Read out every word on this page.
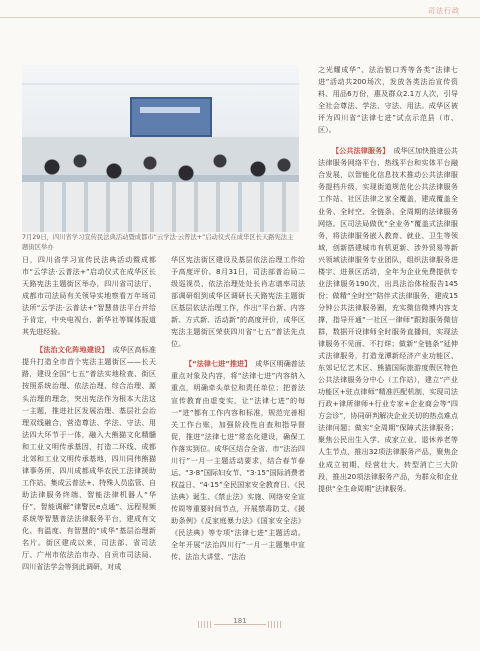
司法行政
7月29日，四川省学习宣传民法典活动暨成都市“云学法·云普法+”启动仪式在成华区长天路宪法主题街区举办

日，四川省学习宣传民法典活动暨成都市“云学法·云普法+”启动仪式在成华区长天路宪法主题街区举办，四川省司法厅、成都市司法局有关领导实地察看万年场司法所“云学法·云普法+”智慧普法平台并给予肯定，中央电视台、新华社等媒体报道其先进经验。

【法治文化阵地建设】 成华区高标准提升打造全市首个宪法主题街区——长天路，建设全国“七五”普法实地检查、街区按照系统治理、依法治理、综合治理、源头治理的理念，突出宪法作为根本大法这一主题，推进社区发展治理、基层社会治理双线融合，营造尊法、学法、守法、用法四大环节于一体，融入大熊猫文化精髓和工业文明传承基因，打造二环线、成都北郊和工业文明传承基地，四川同伟熊猫律事务所、四川成都成华农民工法律援助工作站、集成云普法+、特殊人员监管、自助法律服务终端、智能法律机器人“华仔”、智能调解“律警民e点通”、远程视频系统等智慧普法法律服务平台，建成有文化、有温度、有智慧的“成华”基层治理新名片。街区建成以来，司法部、省司法厅、广州市依法治市办、自贡市司法局、四川省法学会等到此调研，对成

华区宪法街区建设及基层依法治理工作给予高度评价。8月31日，司法部普治局二级巡视员、依法治理处处长肖志谱率司法部调研组到成华区调研长天路宪法主题街区基层依法治理工作，作出“平台新、内容新、方式新、活动新”的高度评价，成华区宪法主题街区荣获四川省“七五”普法先点位。

【“法律七进”推进】 成华区明确普法重点对象及内容，将“法律七进”内容纳入重点，明确牵头单位和责任单位；把普法宣传教育由虚变实，让“法律七进”的每一“进”都有工作内容和标准，规范完善相关工作台账，加强阶段性自查和指导督促，推进“法律七进”常态化建设，确保工作落实到位。成华区结合全省、市“法治四川行”一月一主题活动要求，结合春节春运、“3·8”国际妇女节、“3·15”国际消费者权益日、“4·15”全民国家安全教育日、《民法典》诞生、《禁止法》实施、网络安全宣传周等重要时间节点，开展禁毒防艾、《援助条例》《反家庭暴力法》《国家安全法》《民法典》等专项“法律七进”主题活动。全年开展“法治四川行”一月一主题集中宣传、法治大讲堂、“法治

之光耀成华”、法治银口秀等各类“法律七进”活动共200场次，发放各类法治宣传资料、用品6万份，惠及群众2.1万人次，引导全社会尊法、学法、守法、用法。成华区被评为四川省“法律七进”试点示范县（市、区）。

【公共法律服务】 成华区加快推进公共法律服务网络平台、热线平台和实体平台融合发展，以智能化信息技术推动公共法律服务提档升级，实现街道规范化公共法律服务工作站、社区法律之家全覆盖，建成覆盖全业务、全时空、全链条、全周期的法律服务网络。区司法局做优“全业务”覆盖式法律服务，将法律服务嵌入教育、就业、卫生等领域，创新搭建城市有机更新、涉外贸易等新兴领域法律服务专业团队，组织法律服务进楼宇、进景区活动，全年为企业免费提供专业法律服务190次，出具法治体检报告145份；做精“全时空”陪伴式法律服务，建成15分钟公共法律服务圈，充实微信微博内容支撑，指导开通“一社区一律师”跟踪服务微信群，数据开设律师全时服务直播间，实现法律服务不见面、不打烊；做新“全链条”延伸式法律服务，打造龙潭新经济产业功能区、东郊记忆艺术区、熊猫国际旅游度假区特色公共法律服务分中心（工作站），建立“产业功能区+驻点律师”精准匹配机制，实现司法行政+律所律师+行业专家+企业商会等“四方会诊”，协同研判解决企业关切的热点难点法律问题；做实“全周期”保障式法律服务；聚焦公民出生入学、成家立业、退休养老等人生节点，推出32项法律服务产品，聚焦企业成立初期、经营壮大、转型消亡三大阶段，推出20项法律服务产品，为群众和企业提供“全生命周期”法律服务。

181
